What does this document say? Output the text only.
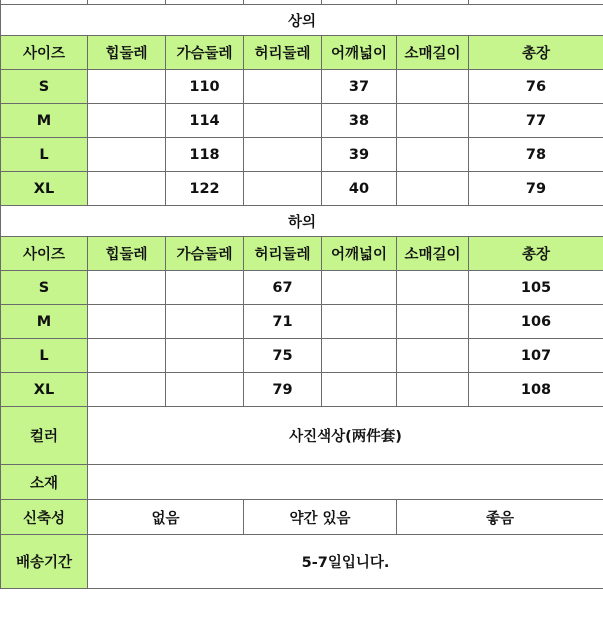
상의						
사이즈	힙둘레	가슴둘레	허리둘레	어깨넓이	소매길이	총장
S		110		37		76
M		114		38		77
L		118		39		78
XL		122		40		79
하의						
사이즈	힙둘레	가슴둘레	허리둘레	어깨넓이	소매길이	총장
S			67			105
M			71			106
L			75			107
XL			79			108
컬러	사진색상(两件套)					
소재						
신축성	없음		약간 있음		좋음	
배송기간	5-7일입니다.					
